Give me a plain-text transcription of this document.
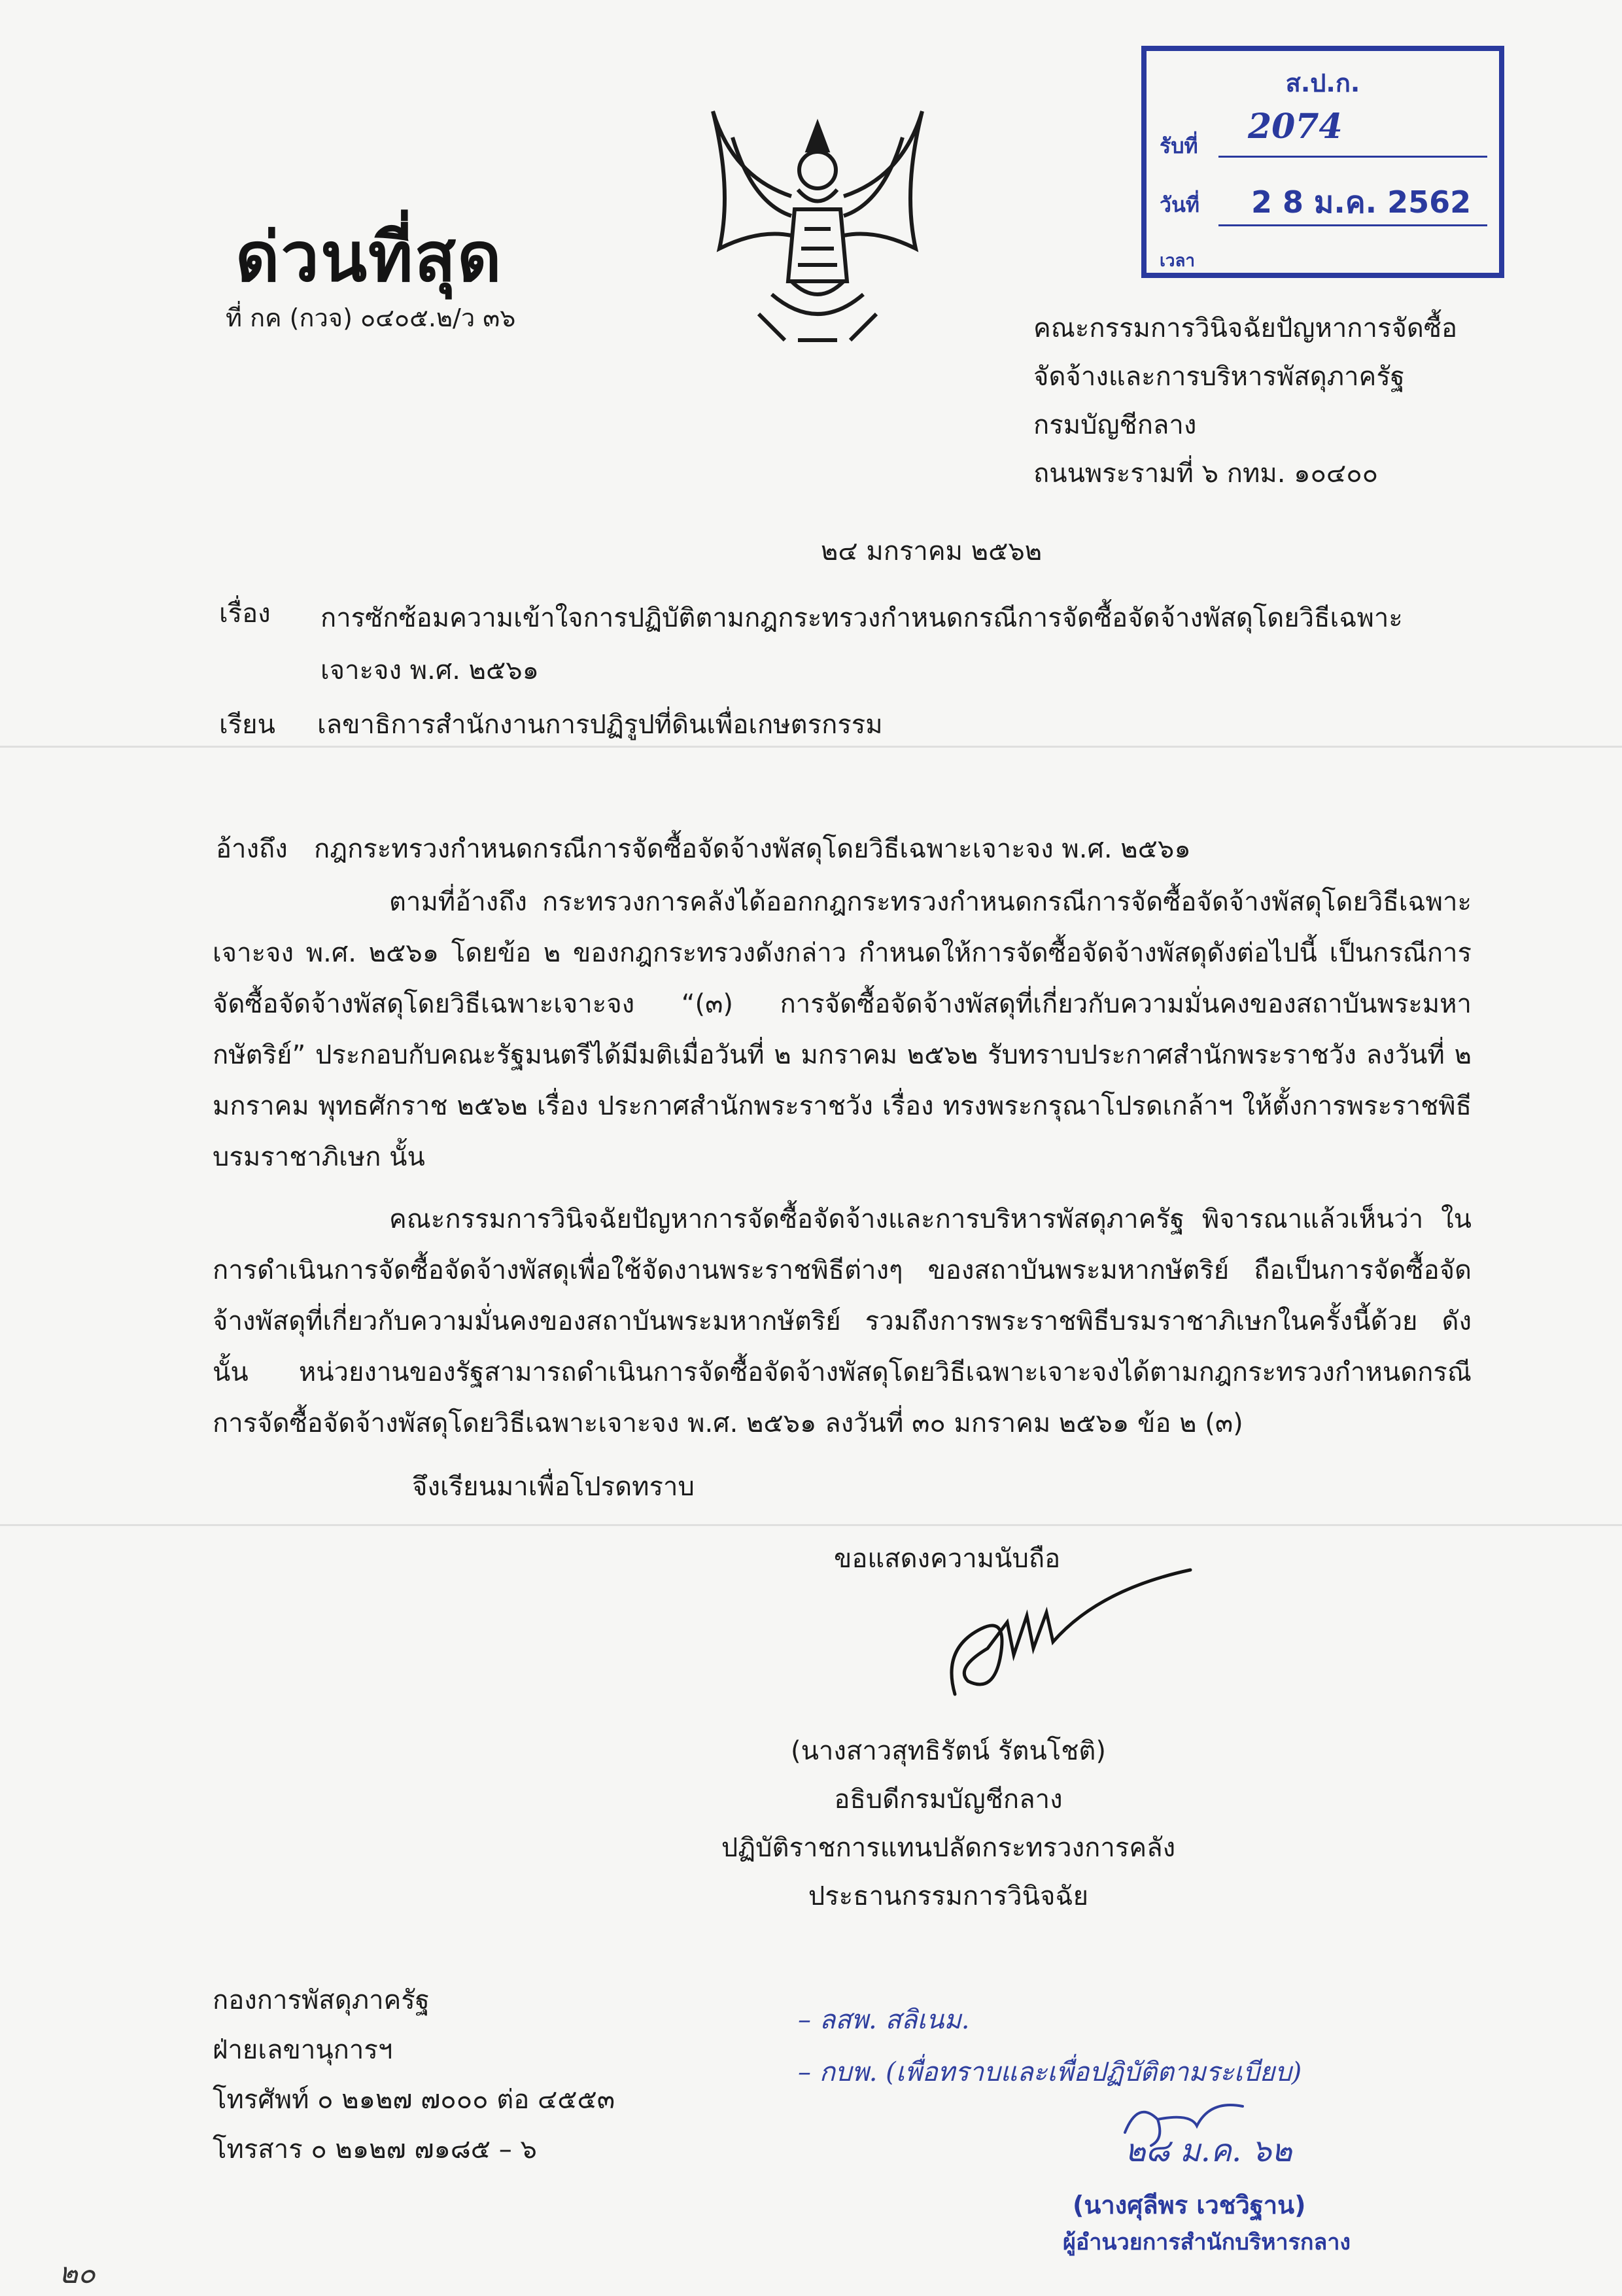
ด่วนที่สุด
ที่ กค (กวจ) ๐๔๐๕.๒/ว ๓๖
ส.ป.ก.
รับที่ 2074
วันที่ 2 8 ม.ค. 2562
เวลา
คณะกรรมการวินิจฉัยปัญหาการจัดซื้อ
จัดจ้างและการบริหารพัสดุภาครัฐ
กรมบัญชีกลาง
ถนนพระรามที่ ๖ กทม. ๑๐๔๐๐
๒๔ มกราคม ๒๕๖๒
เรื่อง การซักซ้อมความเข้าใจการปฏิบัติตามกฎกระทรวงกำหนดกรณีการจัดซื้อจัดจ้างพัสดุโดยวิธีเฉพาะเจาะจง พ.ศ. ๒๕๖๑
เรียน เลขาธิการสำนักงานการปฏิรูปที่ดินเพื่อเกษตรกรรม
อ้างถึง กฎกระทรวงกำหนดกรณีการจัดซื้อจัดจ้างพัสดุโดยวิธีเฉพาะเจาะจง พ.ศ. ๒๕๖๑
ตามที่อ้างถึง กระทรวงการคลังได้ออกกฎกระทรวงกำหนดกรณีการจัดซื้อจัดจ้างพัสดุโดยวิธีเฉพาะเจาะจง พ.ศ. ๒๕๖๑ โดยข้อ ๒ ของกฎกระทรวงดังกล่าว กำหนดให้การจัดซื้อจัดจ้างพัสดุดังต่อไปนี้ เป็นกรณีการจัดซื้อจัดจ้างพัสดุโดยวิธีเฉพาะเจาะจง “(๓) การจัดซื้อจัดจ้างพัสดุที่เกี่ยวกับความมั่นคงของสถาบันพระมหากษัตริย์” ประกอบกับคณะรัฐมนตรีได้มีมติเมื่อวันที่ ๒ มกราคม ๒๕๖๒ รับทราบประกาศสำนักพระราชวัง ลงวันที่ ๒ มกราคม พุทธศักราช ๒๕๖๒ เรื่อง ประกาศสำนักพระราชวัง เรื่อง ทรงพระกรุณาโปรดเกล้าฯ ให้ตั้งการพระราชพิธีบรมราชาภิเษก นั้น
คณะกรรมการวินิจฉัยปัญหาการจัดซื้อจัดจ้างและการบริหารพัสดุภาครัฐ พิจารณาแล้วเห็นว่า ในการดำเนินการจัดซื้อจัดจ้างพัสดุเพื่อใช้จัดงานพระราชพิธีต่างๆ ของสถาบันพระมหากษัตริย์ ถือเป็นการจัดซื้อจัดจ้างพัสดุที่เกี่ยวกับความมั่นคงของสถาบันพระมหากษัตริย์ รวมถึงการพระราชพิธีบรมราชาภิเษกในครั้งนี้ด้วย ดังนั้น หน่วยงานของรัฐสามารถดำเนินการจัดซื้อจัดจ้างพัสดุโดยวิธีเฉพาะเจาะจงได้ตามกฎกระทรวงกำหนดกรณีการจัดซื้อจัดจ้างพัสดุโดยวิธีเฉพาะเจาะจง พ.ศ. ๒๕๖๑ ลงวันที่ ๓๐ มกราคม ๒๕๖๑ ข้อ ๒ (๓)
จึงเรียนมาเพื่อโปรดทราบ
ขอแสดงความนับถือ
(นางสาวสุทธิรัตน์ รัตนโชติ)
อธิบดีกรมบัญชีกลาง
ปฏิบัติราชการแทนปลัดกระทรวงการคลัง
ประธานกรรมการวินิจฉัย
กองการพัสดุภาครัฐ
ฝ่ายเลขานุการฯ
โทรศัพท์ ๐ ๒๑๒๗ ๗๐๐๐ ต่อ ๔๕๕๓
โทรสาร ๐ ๒๑๒๗ ๗๑๘๕ – ๖
– ลสพ. สลิเนม.
– กบพ. (เพื่อทราบและเพื่อปฏิบัติตามระเบียบ)
๒๘ ม.ค. ๖๒
(นางศุลีพร เวชวิฐาน)
ผู้อำนวยการสำนักบริหารกลาง
๒๐
